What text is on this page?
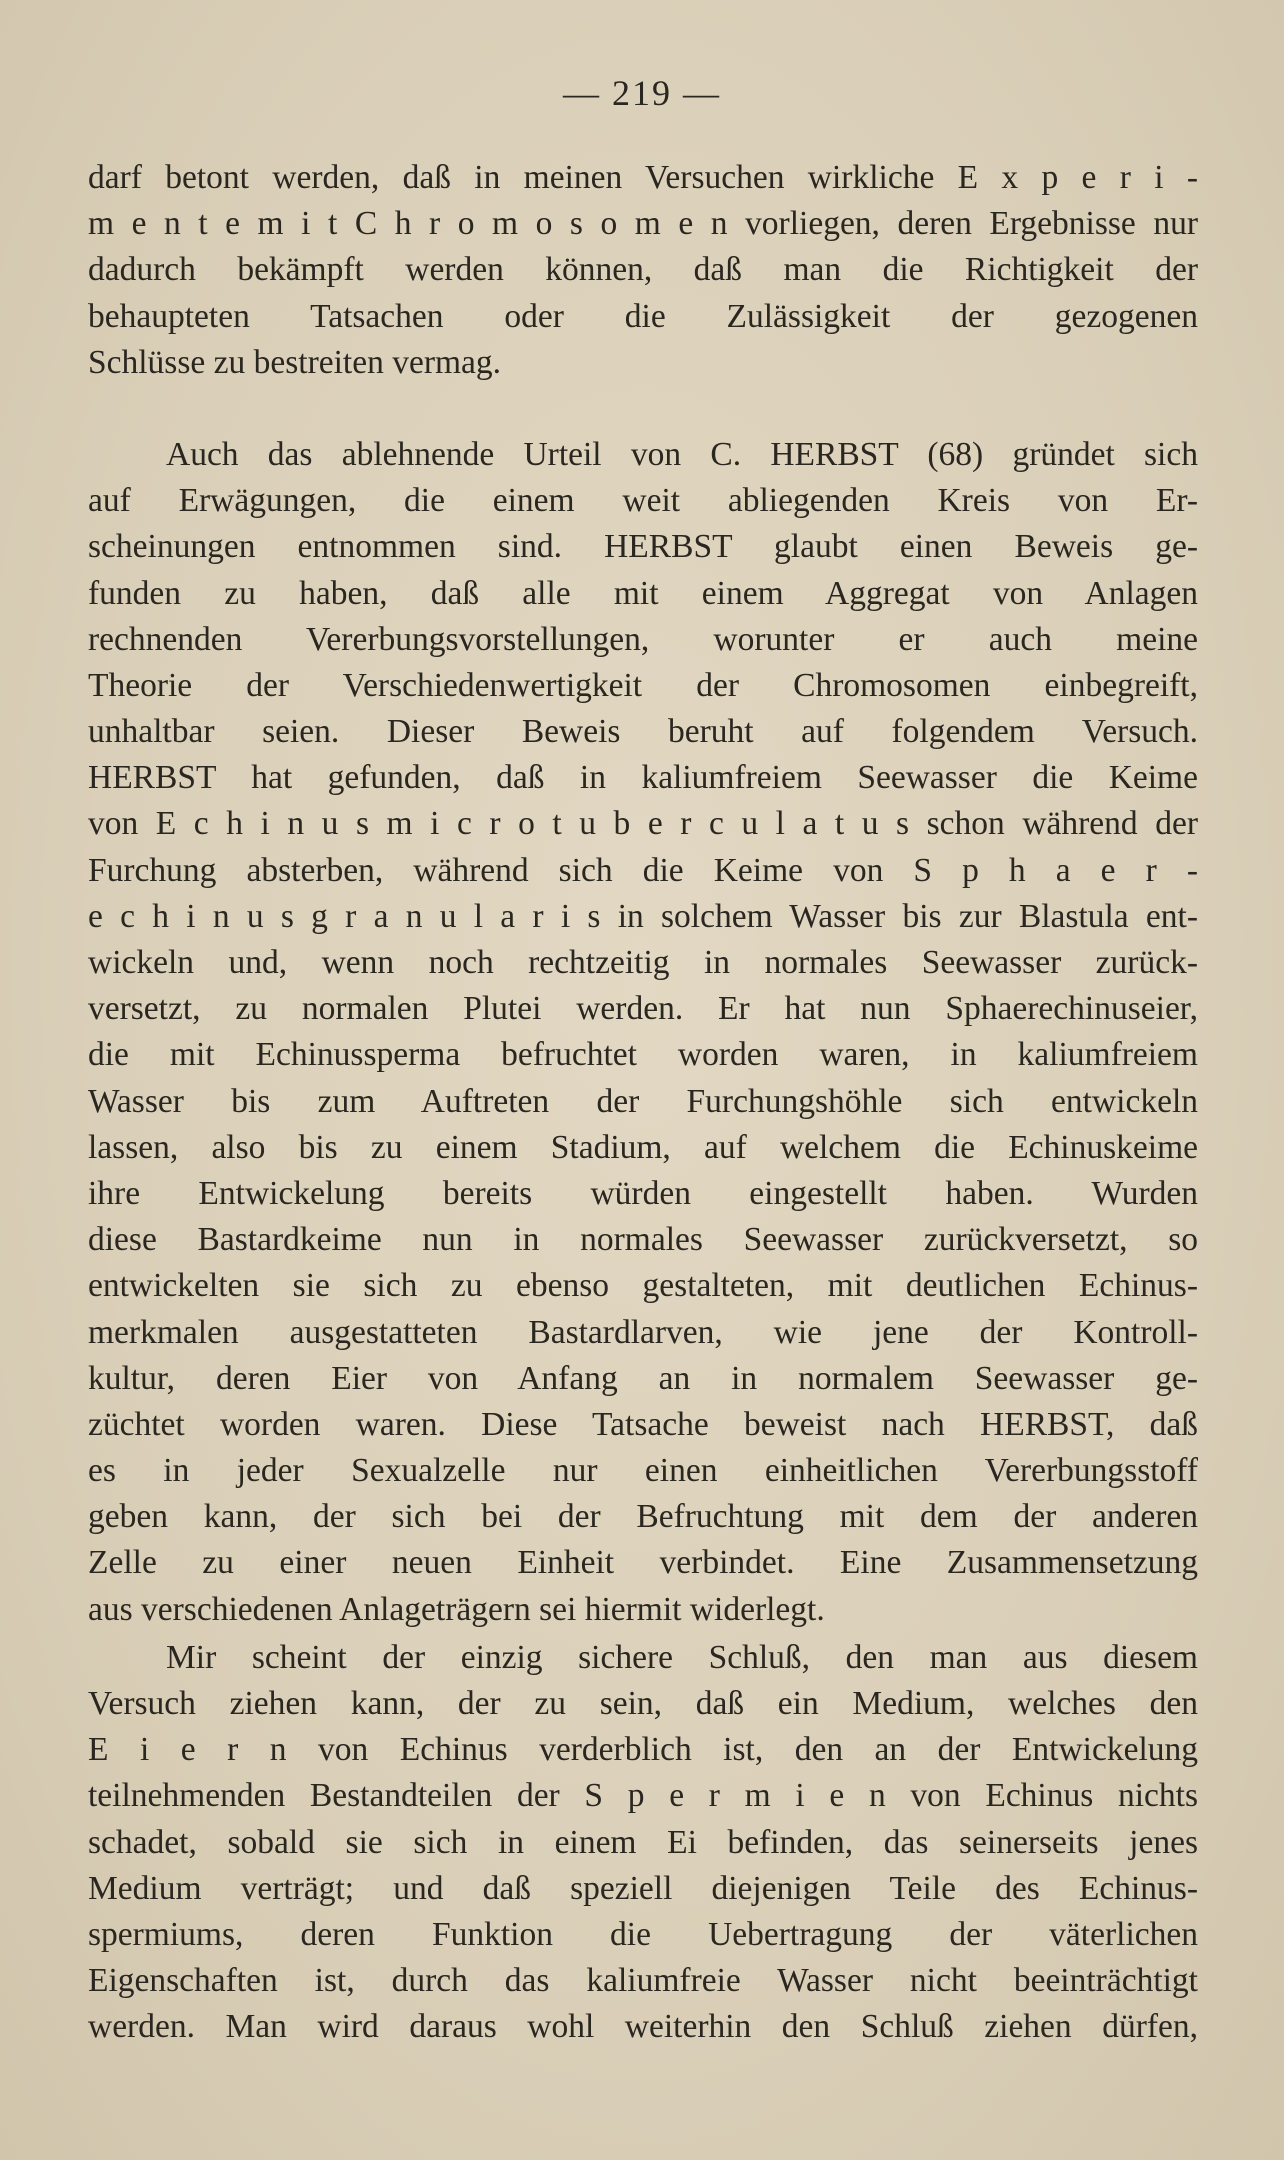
— 219 —
darf betont werden, daß in meinen Versuchen wirkliche E x p e r i -
m e n t e m i t C h r o m o s o m e n vorliegen, deren Ergebnisse nur
dadurch bekämpft werden können, daß man die Richtigkeit der
behaupteten Tatsachen oder die Zulässigkeit der gezogenen
Schlüsse zu bestreiten vermag.
Auch das ablehnende Urteil von C. HERBST (68) gründet sich
auf Erwägungen, die einem weit abliegenden Kreis von Er-
scheinungen entnommen sind. HERBST glaubt einen Beweis ge-
funden zu haben, daß alle mit einem Aggregat von Anlagen
rechnenden Vererbungsvorstellungen, worunter er auch meine
Theorie der Verschiedenwertigkeit der Chromosomen einbegreift,
unhaltbar seien. Dieser Beweis beruht auf folgendem Versuch.
HERBST hat gefunden, daß in kaliumfreiem Seewasser die Keime
von E c h i n u s m i c r o t u b e r c u l a t u s schon während der
Furchung absterben, während sich die Keime von S p h a e r -
e c h i n u s g r a n u l a r i s in solchem Wasser bis zur Blastula ent-
wickeln und, wenn noch rechtzeitig in normales Seewasser zurück-
versetzt, zu normalen Plutei werden. Er hat nun Sphaerechinuseier,
die mit Echinussperma befruchtet worden waren, in kaliumfreiem
Wasser bis zum Auftreten der Furchungshöhle sich entwickeln
lassen, also bis zu einem Stadium, auf welchem die Echinuskeime
ihre Entwickelung bereits würden eingestellt haben. Wurden
diese Bastardkeime nun in normales Seewasser zurückversetzt, so
entwickelten sie sich zu ebenso gestalteten, mit deutlichen Echinus-
merkmalen ausgestatteten Bastardlarven, wie jene der Kontroll-
kultur, deren Eier von Anfang an in normalem Seewasser ge-
züchtet worden waren. Diese Tatsache beweist nach HERBST, daß
es in jeder Sexualzelle nur einen einheitlichen Vererbungsstoff
geben kann, der sich bei der Befruchtung mit dem der anderen
Zelle zu einer neuen Einheit verbindet. Eine Zusammensetzung
aus verschiedenen Anlageträgern sei hiermit widerlegt.
Mir scheint der einzig sichere Schluß, den man aus diesem
Versuch ziehen kann, der zu sein, daß ein Medium, welches den
E i e r n von Echinus verderblich ist, den an der Entwickelung
teilnehmenden Bestandteilen der S p e r m i e n von Echinus nichts
schadet, sobald sie sich in einem Ei befinden, das seinerseits jenes
Medium verträgt; und daß speziell diejenigen Teile des Echinus-
spermiums, deren Funktion die Uebertragung der väterlichen
Eigenschaften ist, durch das kaliumfreie Wasser nicht beeinträchtigt
werden. Man wird daraus wohl weiterhin den Schluß ziehen dürfen,
